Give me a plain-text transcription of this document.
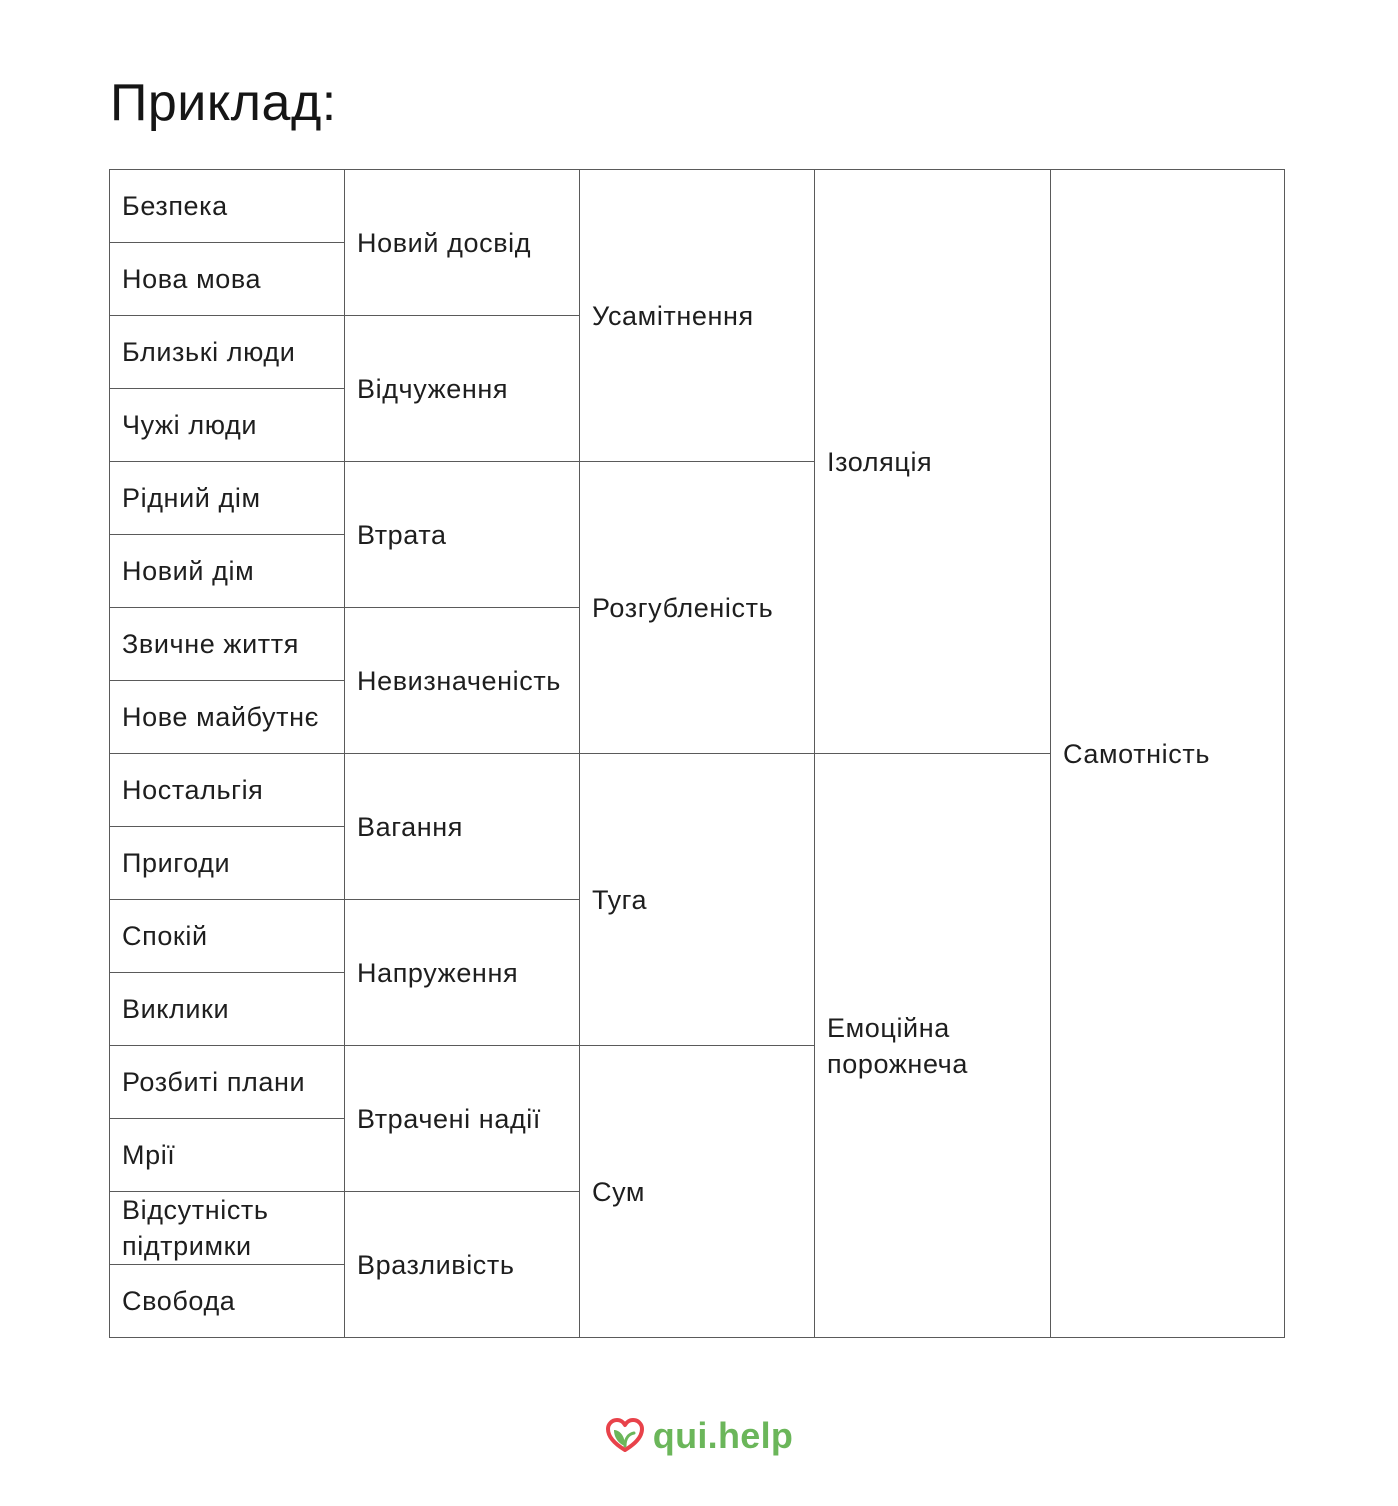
Приклад:
Безпека	Новий досвід	Усамітнення	Ізоляція	Самотність

Нова мова				

Близькі люди	Відчуження			

Чужі люди				

Рідний дім	Втрата	Розгубленість		

Новий дім				

Звичне життя	Невизначеність			

Нове майбутнє				

Ностальгія	Вагання	Туга	Емоційна порожнеча	

Пригоди				

Спокій	Напруження			

Виклики				

Розбиті плани	Втрачені надії	Сум		

Мрії				

Відсутність підтримки	Вразливість			

Свобода				
qui.help
